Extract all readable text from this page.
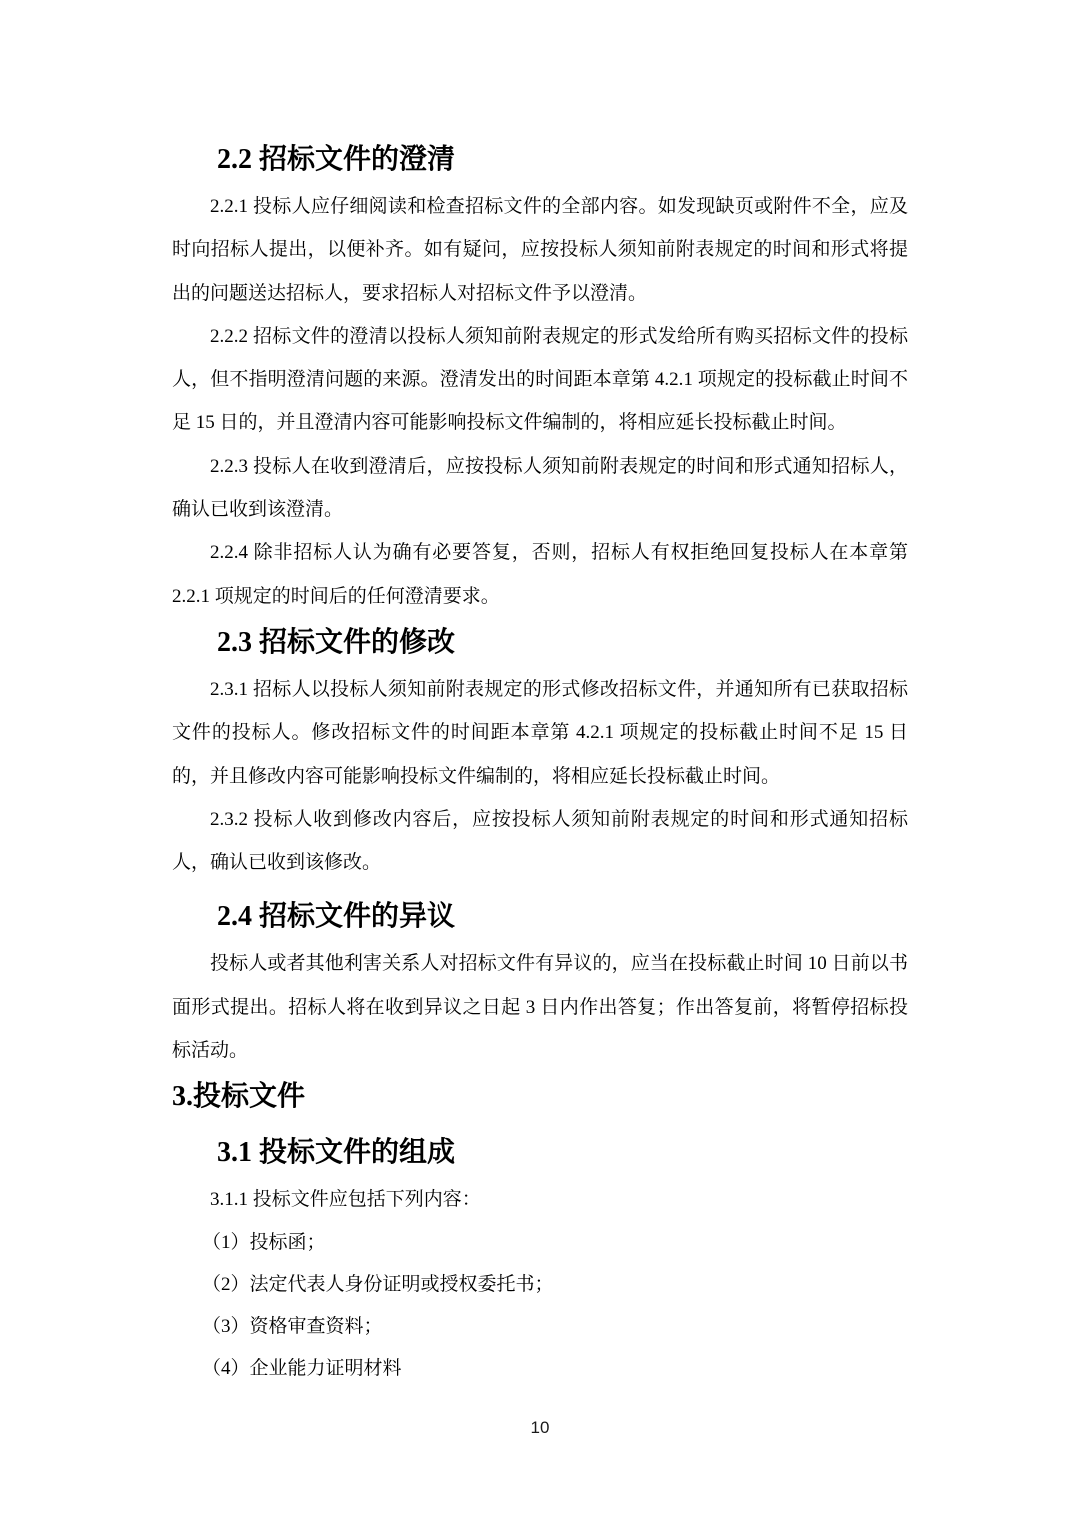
2.2 招标文件的澄清

2.2.1 投标人应仔细阅读和检查招标文件的全部内容。如发现缺页或附件不全，应及时向招标人提出，以便补齐。如有疑问，应按投标人须知前附表规定的时间和形式将提出的问题送达招标人，要求招标人对招标文件予以澄清。

2.2.2 招标文件的澄清以投标人须知前附表规定的形式发给所有购买招标文件的投标人，但不指明澄清问题的来源。澄清发出的时间距本章第 4.2.1 项规定的投标截止时间不足 15 日的，并且澄清内容可能影响投标文件编制的，将相应延长投标截止时间。

2.2.3 投标人在收到澄清后，应按投标人须知前附表规定的时间和形式通知招标人，确认已收到该澄清。

2.2.4 除非招标人认为确有必要答复，否则，招标人有权拒绝回复投标人在本章第 2.2.1 项规定的时间后的任何澄清要求。

2.3 招标文件的修改

2.3.1 招标人以投标人须知前附表规定的形式修改招标文件，并通知所有已获取招标文件的投标人。修改招标文件的时间距本章第 4.2.1 项规定的投标截止时间不足 15 日的，并且修改内容可能影响投标文件编制的，将相应延长投标截止时间。

2.3.2 投标人收到修改内容后，应按投标人须知前附表规定的时间和形式通知招标人，确认已收到该修改。

2.4 招标文件的异议

投标人或者其他利害关系人对招标文件有异议的，应当在投标截止时间 10 日前以书面形式提出。招标人将在收到异议之日起 3 日内作出答复；作出答复前，将暂停招标投标活动。

3.投标文件
3.1 投标文件的组成

3.1.1 投标文件应包括下列内容：

（1）投标函；

（2）法定代表人身份证明或授权委托书；

（3）资格审查资料；

（4）企业能力证明材料

10
